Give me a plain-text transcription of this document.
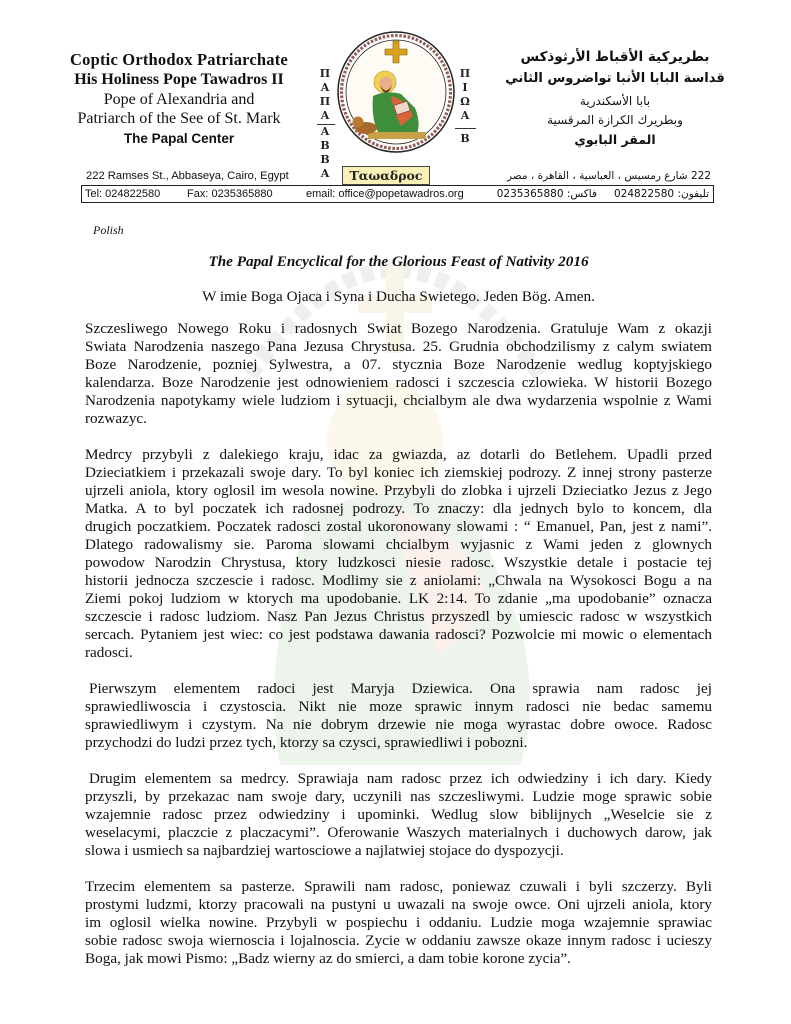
Coptic Orthodox Patriarchate
His Holiness Pope Tawadros II
Pope of Alexandria and
Patriarch of the See of St. Mark
The Papal Center
بطريركية الأقباط الأرثوذكس
قداسة البابا الأنبا تواضروس الثاني
بابا الأسكندرية
وبطريرك الكرازة المرقسية
المقر البابوي
Π
Α
Π
Α
Α
Β
Β
Α
Π
Ι
Ω
Α
Β
Ταωαδροϲ
222 Ramses St., Abbaseya, Cairo, Egypt	222 شارع رمسيس ، العباسية ، القاهرة ، مصر
Tel: 024822580 Fax: 0235365880	email: office@popetawadros.org	فاكس: 0235365880	تليفون: 024822580
Polish
The Papal Encyclical for the Glorious Feast of Nativity 2016
W imie Boga Ojaca i Syna i Ducha Swietego. Jeden Bög. Amen.
Szczesliwego Nowego Roku i radosnych Swiat Bozego Narodzenia. Gratuluje Wam z okazji
Swiata Narodzenia naszego Pana Jezusa Chrystusa. 25. Grudnia obchodzilismy z calym swiatem
Boze Narodzenie, pozniej Sylwestra, a 07. stycznia Boze Narodzenie wedlug koptyjskiego
kalendarza. Boze Narodzenie jest odnowieniem radosci i szczescia czlowieka. W historii Bozego
Narodzenia napotykamy wiele ludziom i sytuacji, chcialbym ale dwa wydarzenia wspolnie z Wami
rozwazyc.
Medrcy przybyli z dalekiego kraju, idac za gwiazda, az dotarli do Betlehem. Upadli przed
Dzieciatkiem i przekazali swoje dary. To byl koniec ich ziemskiej podrozy. Z innej strony pasterze
ujrzeli aniola, ktory oglosil im wesola nowine. Przybyli do zlobka i ujrzeli Dzieciatko Jezus z Jego
Matka. A to byl poczatek ich radosnej podrozy. To znaczy: dla jednych bylo to koncem, dla
drugich poczatkiem. Poczatek radosci zostal ukoronowany slowami : “ Emanuel, Pan, jest z nami”.
Dlatego radowalismy sie. Paroma slowami chcialbym wyjasnic z Wami jeden z glownych
powodow Narodzin Chrystusa, ktory ludzkosci niesie radosc. Wszystkie detale i postacie tej
historii jednocza szczescie i radosc. Modlimy sie z aniolami: „Chwala na Wysokosci Bogu a na
Ziemi pokoj ludziom w ktorych ma upodobanie. LK 2:14. To zdanie „ma upodobanie” oznacza
szczescie i radosc ludziom. Nasz Pan Jezus Christus przyszedl by umiescic radosc w wszystkich
sercach. Pytaniem jest wiec: co jest podstawa dawania radosci? Pozwolcie mi mowic o elementach
radosci.
Pierwszym elementem radoci jest Maryja Dziewica. Ona sprawia nam radosc jej
sprawiedliwoscia i czystoscia. Nikt nie moze sprawic innym radosci nie bedac samemu
sprawiedliwym i czystym. Na nie dobrym drzewie nie moga wyrastac dobre owoce. Radosc
przychodzi do ludzi przez tych, ktorzy sa czysci, sprawiedliwi i pobozni.
Drugim elementem sa medrcy. Sprawiaja nam radosc przez ich odwiedziny i ich dary. Kiedy
przyszli, by przekazac nam swoje dary, uczynili nas szczesliwymi. Ludzie moge sprawic sobie
wzajemnie radosc przez odwiedziny i upominki. Wedlug slow biblijnych „Weselcie sie z
weselacymi, placzcie z placzacymi”. Oferowanie Waszych materialnych i duchowych darow, jak
slowa i usmiech sa najbardziej wartosciowe a najlatwiej stojace do dyspozycji.
Trzecim elementem sa pasterze. Sprawili nam radosc, poniewaz czuwali i byli szczerzy. Byli
prostymi ludzmi, ktorzy pracowali na pustyni u uwazali na swoje owce. Oni ujrzeli aniola, ktory
im oglosil wielka nowine. Przybyli w pospiechu i oddaniu. Ludzie moga wzajemnie sprawiac
sobie radosc swoja wiernoscia i lojalnoscia. Zycie w oddaniu zawsze okaze innym radosc i ucieszy
Boga, jak mowi Pismo: „Badz wierny az do smierci, a dam tobie korone zycia”.
